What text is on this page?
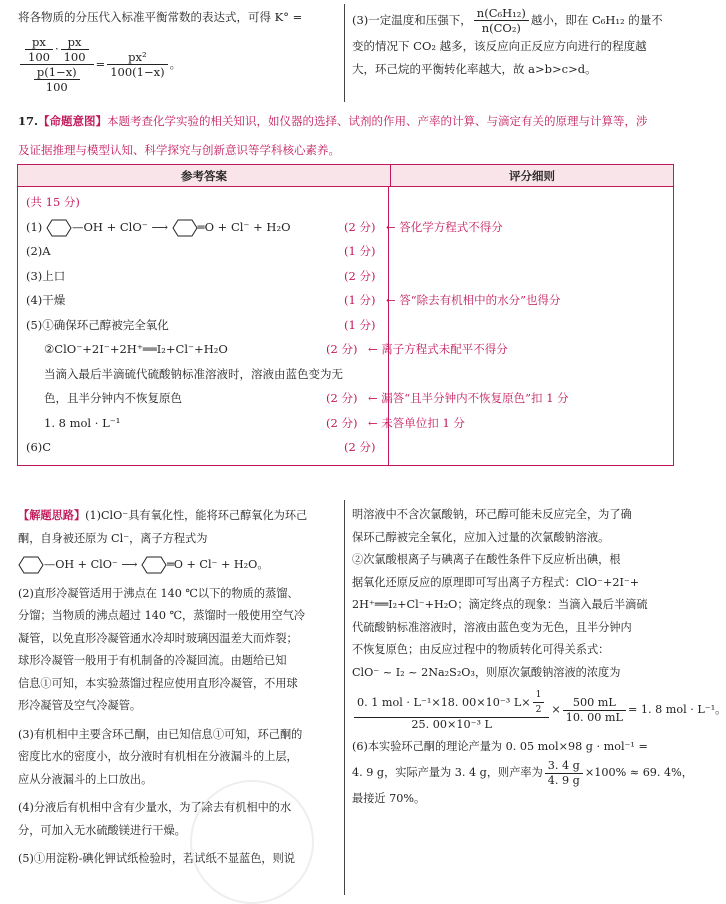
将各物质的分压代入标准平衡常数的表达式，可得 K° =
$\frac{\frac{px}{100} \cdot \frac{px}{100}}{\frac{p(1-x)}{100}} = \frac{\text{px²}}{100(1-x)}$ 。
(3)一定温度和压强下， $\frac{\text{n(C₆H₁₂)}}{\text{n(CO₂)}}$ 越小，即在 C₆H₁₂ 的量不
变的情况下 CO₂ 越多，该反应向正反应方向进行的程度越
大，环己烷的平衡转化率越大，故 a>b>c>d。
17.【命题意图】本题考查化学实验的相关知识，如仪器的选择、试剂的作用、产率的计算、与滴定有关的原理与计算等，涉
及证据推理与模型认知、科学探究与创新意识等学科核心素养。
参考答案	评分细则

(共 15 分)
(1)	—OH + ClO⁻ ⟶	═O + Cl⁻ + H₂O	(2 分)	← 答化学方程式不得分
(2)A	(1 分)
(3)上口	(2 分)
(4)干燥	(1 分)	← 答“除去有机相中的水分”也得分
(5)①确保环己醇被完全氧化	(1 分)
②ClO⁻+2I⁻+2H⁺══I₂+Cl⁻+H₂O	(2 分)	← 离子方程式未配平不得分
当滴入最后半滴硫代硫酸钠标准溶液时，溶液由蓝色变为无
色，且半分钟内不恢复原色	(2 分)	← 漏答“且半分钟内不恢复原色”扣 1 分
1. 8 mol · L⁻¹	(2 分)	← 未答单位扣 1 分
(6)C	(2 分)
【解题思路】(1)ClO⁻具有氧化性，能将环己醇氧化为环己
酮，自身被还原为 Cl⁻，离子方程式为
—OH + ClO⁻ ⟶	═O + Cl⁻ + H₂O。
(2)直形冷凝管适用于沸点在 140 ℃以下的物质的蒸馏、
分馏；当物质的沸点超过 140 ℃，蒸馏时一般使用空气冷
凝管，以免直形冷凝管通水冷却时玻璃因温差大而炸裂；
球形冷凝管一般用于有机制备的冷凝回流。由题给已知
信息①可知，本实验蒸馏过程应使用直形冷凝管，不用球
形冷凝管及空气冷凝管。
(3)有机相中主要含环己酮，由已知信息①可知，环己酮的
密度比水的密度小，故分液时有机相在分液漏斗的上层，
应从分液漏斗的上口放出。
(4)分液后有机相中含有少量水，为了除去有机相中的水
分，可加入无水硫酸镁进行干燥。
(5)①用淀粉-碘化钾试纸检验时，若试纸不显蓝色，则说
明溶液中不含次氯酸钠，环己醇可能未反应完全，为了确
保环己醇被完全氧化，应加入过量的次氯酸钠溶液。
②次氯酸根离子与碘离子在酸性条件下反应析出碘，根
据氧化还原反应的原理即可写出离子方程式：ClO⁻+2I⁻+
2H⁺══I₂+Cl⁻+H₂O；滴定终点的现象：当滴入最后半滴硫
代硫酸钠标准溶液时，溶液由蓝色变为无色，且半分钟内
不恢复原色；由反应过程中的物质转化可得关系式：
ClO⁻ ~ I₂ ~ 2Na₂S₂O₃，则原次氯酸钠溶液的浓度为
$\frac{0. 1 mol \cdot L^{-1}\times 18. 00\times 10^{-3} L\times \frac{1}{2}}{\text{25. 00×10⁻³ L}} \times \frac{500 mL}{10. 00 mL} = 1$. 8 mol · L⁻¹。
(6)本实验环己酮的理论产量为 0. 05 mol×98 g · mol⁻¹ =
4. 9 g，实际产量为 3. 4 g，则产率为 $\frac{3. 4 g}{4. 9 g} \times 100\% \approx 69$. 4%，
最接近 70%。
